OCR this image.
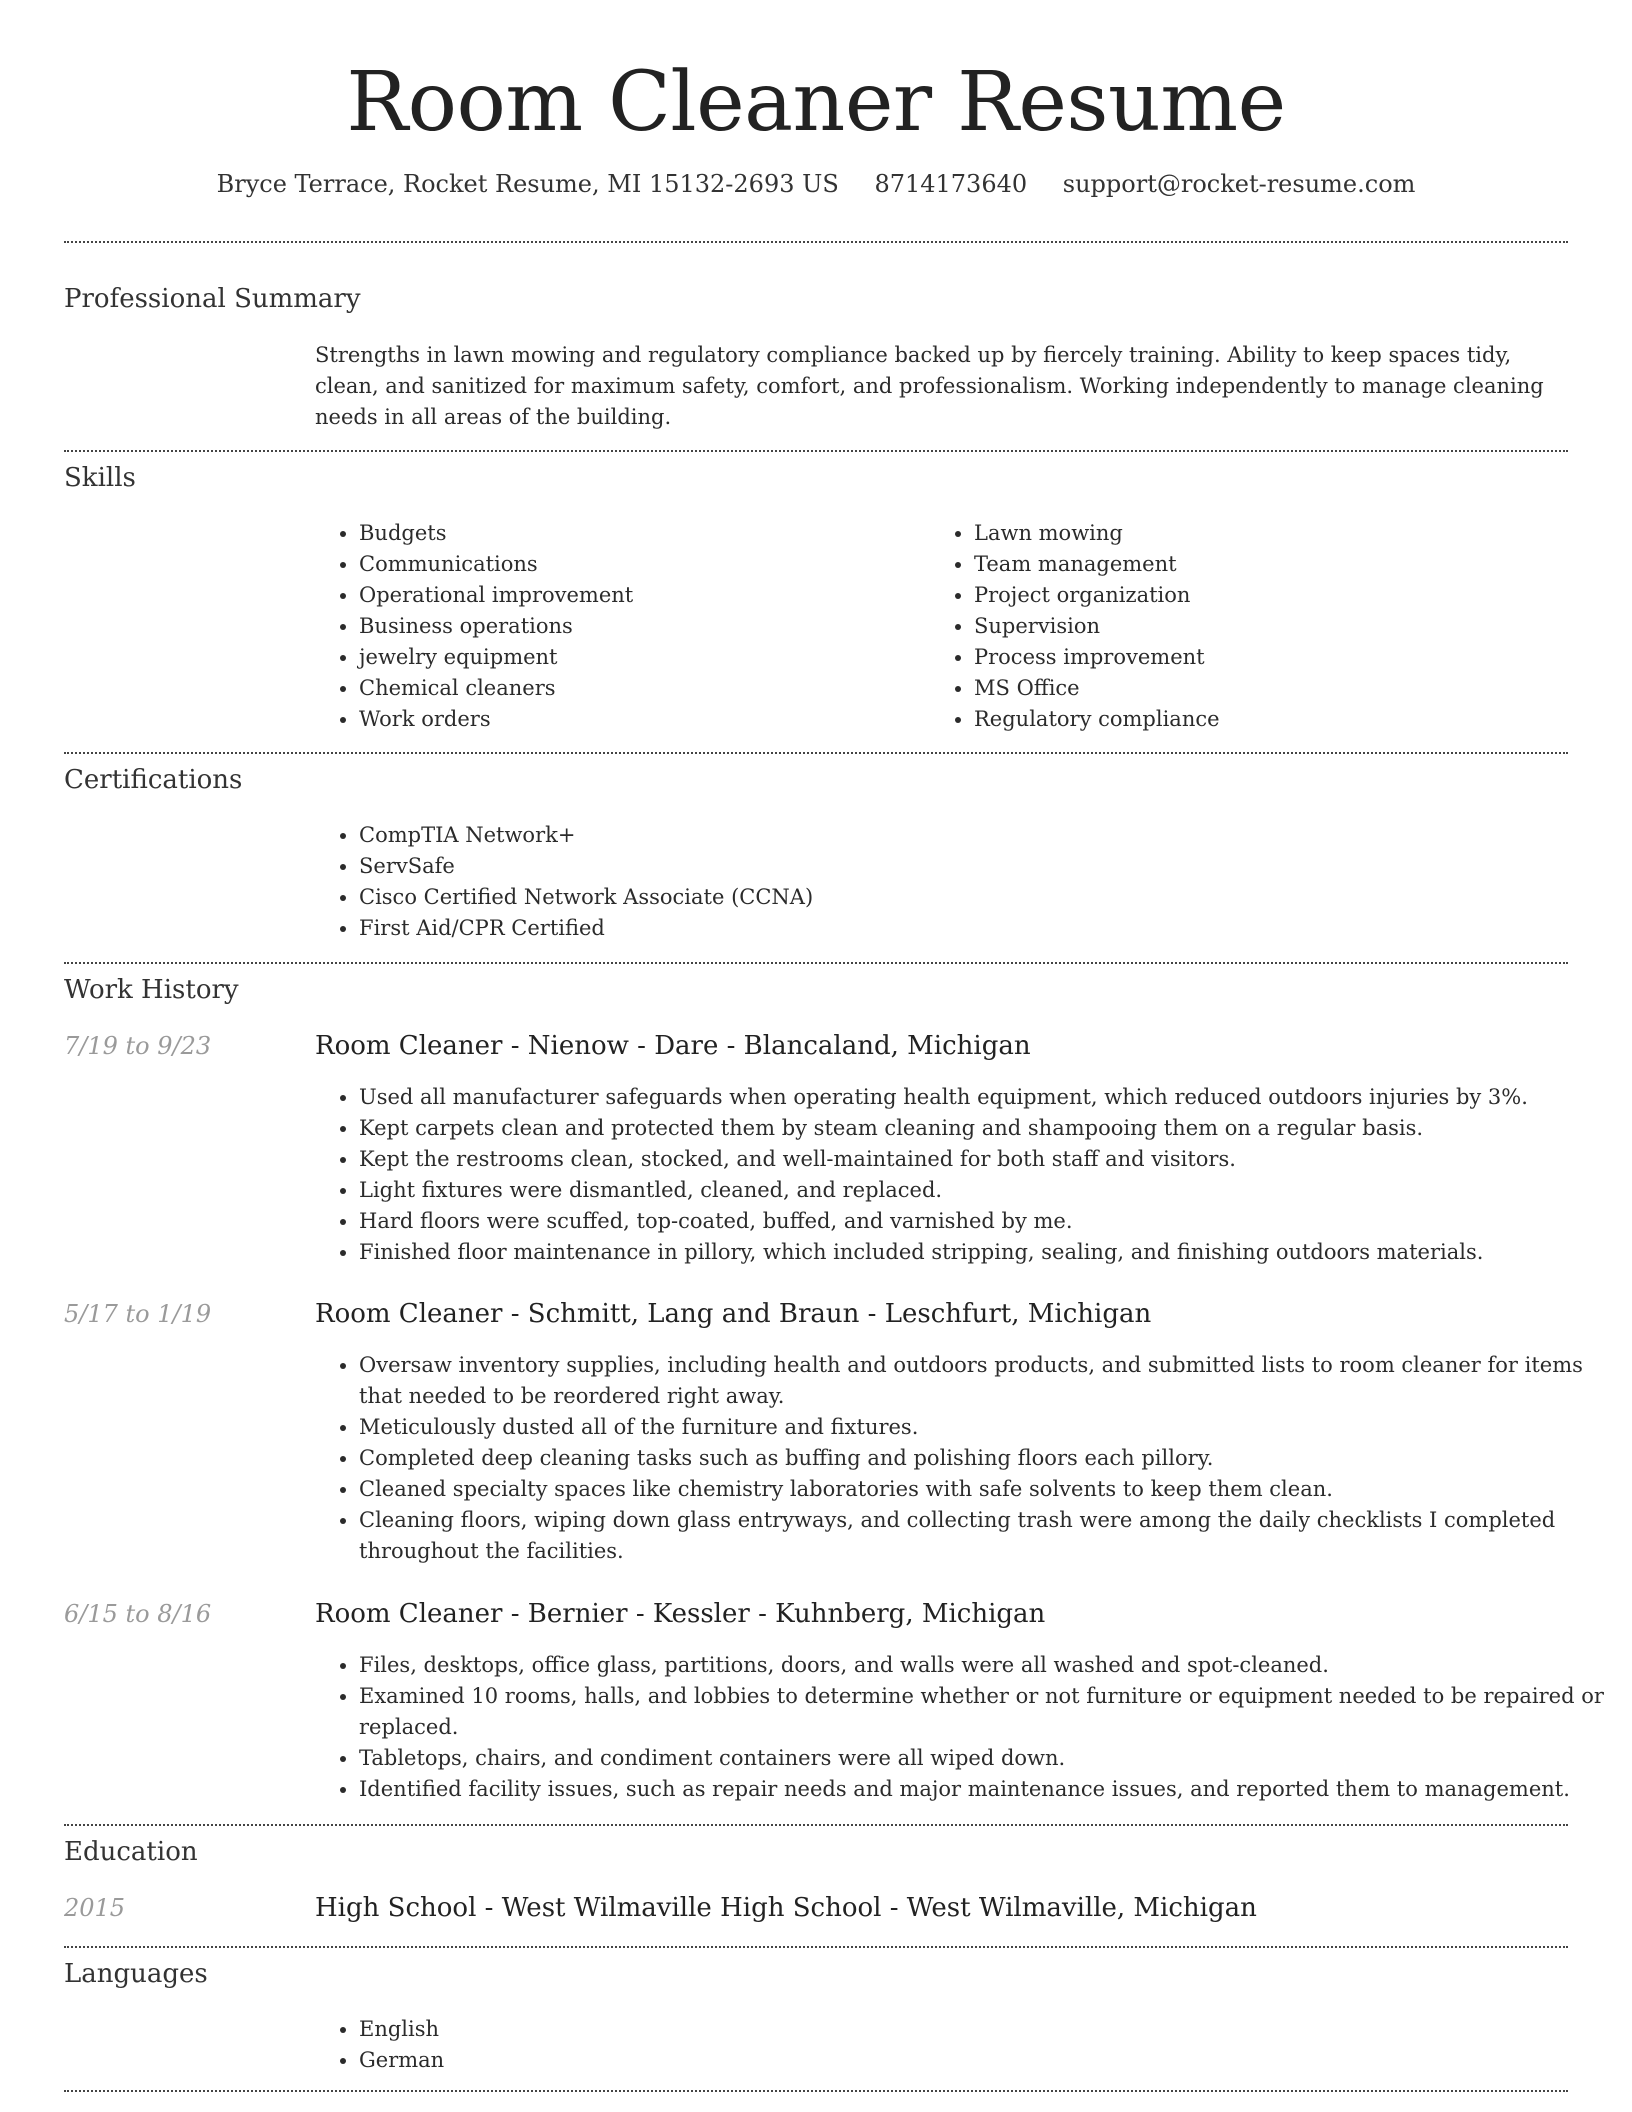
Room Cleaner Resume
Bryce Terrace, Rocket Resume, MI 15132-2693 US 8714173640 support@rocket-resume.com
Professional Summary

Strengths in lawn mowing and regulatory compliance backed up by fiercely training. Ability to keep spaces tidy, clean, and sanitized for maximum safety, comfort, and professionalism. Working independently to manage cleaning needs in all areas of the building.

Skills
• Budgets
• Communications
• Operational improvement
• Business operations
• jewelry equipment
• Chemical cleaners
• Work orders
• Lawn mowing
• Team management
• Project organization
• Supervision
• Process improvement
• MS Office
• Regulatory compliance
Certifications
• CompTIA Network+
• ServSafe
• Cisco Certified Network Associate (CCNA)
• First Aid/CPR Certified
Work History
7/19 to 9/23	Room Cleaner - Nienow - Dare - Blancaland, Michigan
• Used all manufacturer safeguards when operating health equipment, which reduced outdoors injuries by 3%.
• Kept carpets clean and protected them by steam cleaning and shampooing them on a regular basis.
• Kept the restrooms clean, stocked, and well-maintained for both staff and visitors.
• Light fixtures were dismantled, cleaned, and replaced.
• Hard floors were scuffed, top-coated, buffed, and varnished by me.
• Finished floor maintenance in pillory, which included stripping, sealing, and finishing outdoors materials.
5/17 to 1/19	Room Cleaner - Schmitt, Lang and Braun - Leschfurt, Michigan
• Oversaw inventory supplies, including health and outdoors products, and submitted lists to room cleaner for items that needed to be reordered right away.
• Meticulously dusted all of the furniture and fixtures.
• Completed deep cleaning tasks such as buffing and polishing floors each pillory.
• Cleaned specialty spaces like chemistry laboratories with safe solvents to keep them clean.
• Cleaning floors, wiping down glass entryways, and collecting trash were among the daily checklists I completed throughout the facilities.
6/15 to 8/16	Room Cleaner - Bernier - Kessler - Kuhnberg, Michigan
• Files, desktops, office glass, partitions, doors, and walls were all washed and spot-cleaned.
• Examined 10 rooms, halls, and lobbies to determine whether or not furniture or equipment needed to be repaired or replaced.
• Tabletops, chairs, and condiment containers were all wiped down.
• Identified facility issues, such as repair needs and major maintenance issues, and reported them to management.
Education
2015	High School - West Wilmaville High School - West Wilmaville, Michigan
Languages
• English
• German
